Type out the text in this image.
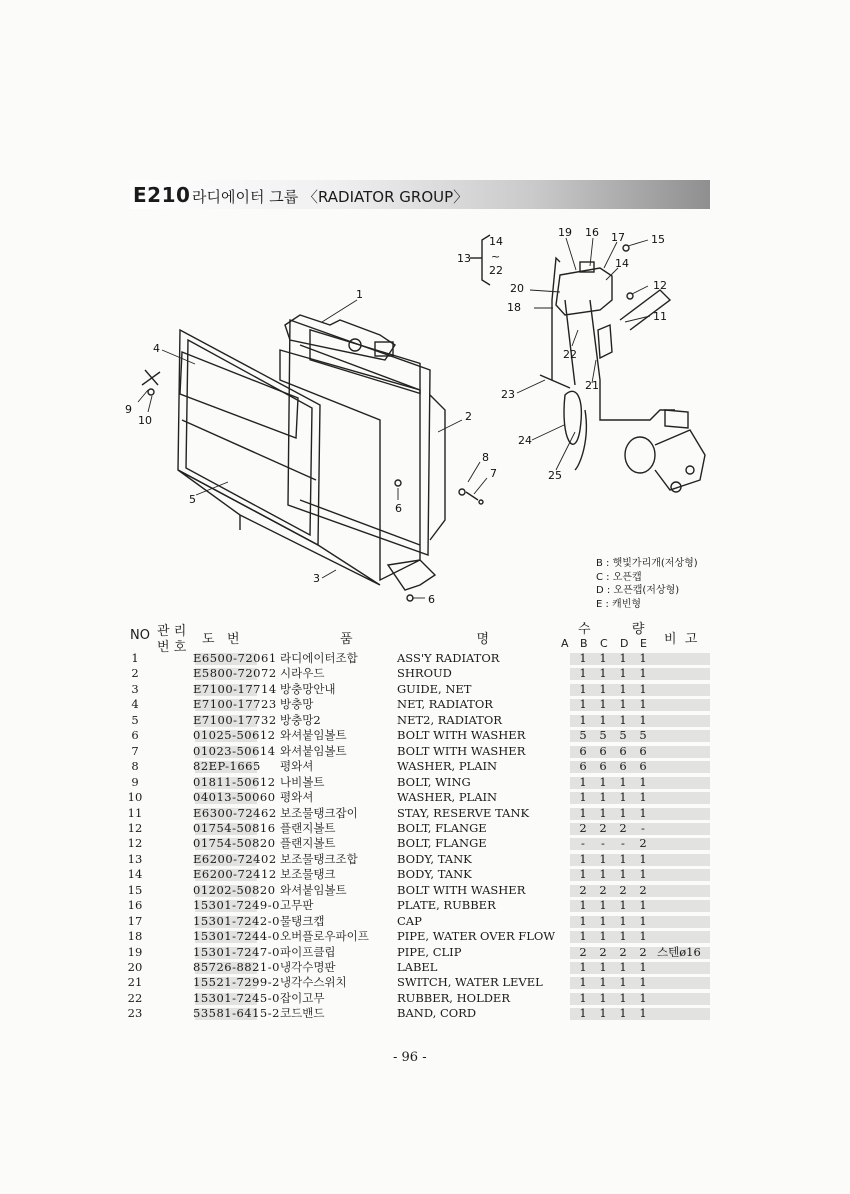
E210 라디에이터 그룹 〈RADIATOR GROUP〉
1
2
3
4
5
6
6
7
8
9
10
11
12
13
14
~
22
15
16 17
14
18
19
20
21
22
23
24
25
B : 햇빛가리개(저상형)
C : 오픈캡
D : 오픈캡(저상형)
E : 캐빈형
NO 관 리
번 호
도   번	품                              명
수          량
A B C D E 비  고
1	E6500-72061 라디에이터조합	ASS'Y RADIATOR	1 1 1 1
2	E5800-72072 시라우드	SHROUD	1 1 1 1
3	E7100-17714 방충망안내	GUIDE, NET	1 1 1 1
4	E7100-17723 방충망	NET, RADIATOR	1 1 1 1
5	E7100-17732 방충망2	NET2, RADIATOR	1 1 1 1
6	01025-50612 와셔붙임볼트	BOLT WITH WASHER	5 5 5 5
7	01023-50614 와셔붙임볼트	BOLT WITH WASHER	6 6 6 6
8	82EP-1665 평와셔	WASHER, PLAIN	6 6 6 6
9	01811-50612 나비볼트	BOLT, WING	1 1 1 1
10	04013-50060 평와셔	WASHER, PLAIN	1 1 1 1
11	E6300-72462 보조물탱크잡이	STAY, RESERVE TANK	1 1 1 1
12	01754-50816 플랜지볼트	BOLT, FLANGE	2 2 2	-
12	01754-50820 플랜지볼트	BOLT, FLANGE	-	-	-	2
13	E6200-72402 보조물탱크조합	BODY, TANK	1 1 1 1
14	E6200-72412 보조물탱크	BODY, TANK	1 1 1 1
15	01202-50820 와셔붙임볼트	BOLT WITH WASHER	2 2 2 2
16	15301-7249-0 고무판	PLATE, RUBBER	1 1 1 1
17	15301-7242-0 물탱크캡	CAP	1 1 1 1
18	15301-7244-0 오버플로우파이프 PIPE, WATER OVER FLOW 1 1 1 1
19	15301-7247-0 파이프클립	PIPE, CLIP	2 2 2 2 스텐ø16
20	85726-8821-0 냉각수명판	LABEL	1 1 1 1
21	15521-7299-2 냉각수스위치	SWITCH, WATER LEVEL	1 1 1 1
22	15301-7245-0 잡이고무	RUBBER, HOLDER	1 1 1 1
23	53581-6415-2 코드밴드	BAND, CORD	1 1 1 1
- 96 -
